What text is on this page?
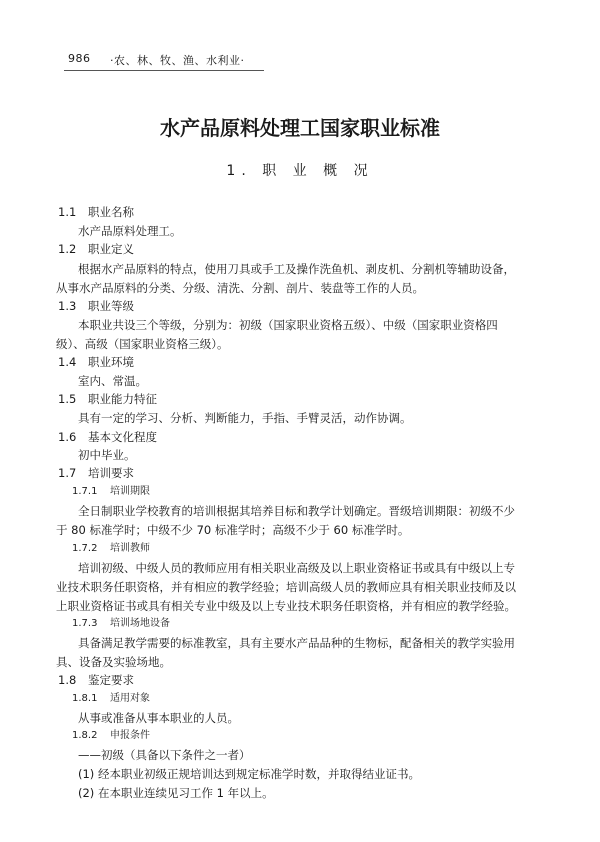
986 ·农、林、牧、渔、水利业·
水产品原料处理工国家职业标准
1. 职 业 概 况
1.1 职业名称
水产品原料处理工。
1.2 职业定义
根据水产品原料的特点，使用刀具或手工及操作洗鱼机、剥皮机、分割机等辅助设备，
从事水产品原料的分类、分级、清洗、分割、剖片、装盘等工作的人员。
1.3 职业等级
本职业共设三个等级，分别为：初级（国家职业资格五级）、中级（国家职业资格四
级）、高级（国家职业资格三级）。
1.4 职业环境
室内、常温。
1.5 职业能力特征
具有一定的学习、分析、判断能力，手指、手臂灵活，动作协调。
1.6 基本文化程度
初中毕业。
1.7 培训要求
1.7.1 培训期限
全日制职业学校教育的培训根据其培养目标和教学计划确定。晋级培训期限：初级不少
于 80 标准学时；中级不少 70 标准学时；高级不少于 60 标准学时。
1.7.2 培训教师
培训初级、中级人员的教师应用有相关职业高级及以上职业资格证书或具有中级以上专
业技术职务任职资格，并有相应的教学经验；培训高级人员的教师应具有相关职业技师及以
上职业资格证书或具有相关专业中级及以上专业技术职务任职资格，并有相应的教学经验。
1.7.3 培训场地设备
具备满足教学需要的标准教室，具有主要水产品品种的生物标，配备相关的教学实验用
具、设备及实验场地。
1.8 鉴定要求
1.8.1 适用对象
从事或准备从事本职业的人员。
1.8.2 申报条件
——初级（具备以下条件之一者）
(1) 经本职业初级正规培训达到规定标准学时数，并取得结业证书。
(2) 在本职业连续见习工作 1 年以上。
